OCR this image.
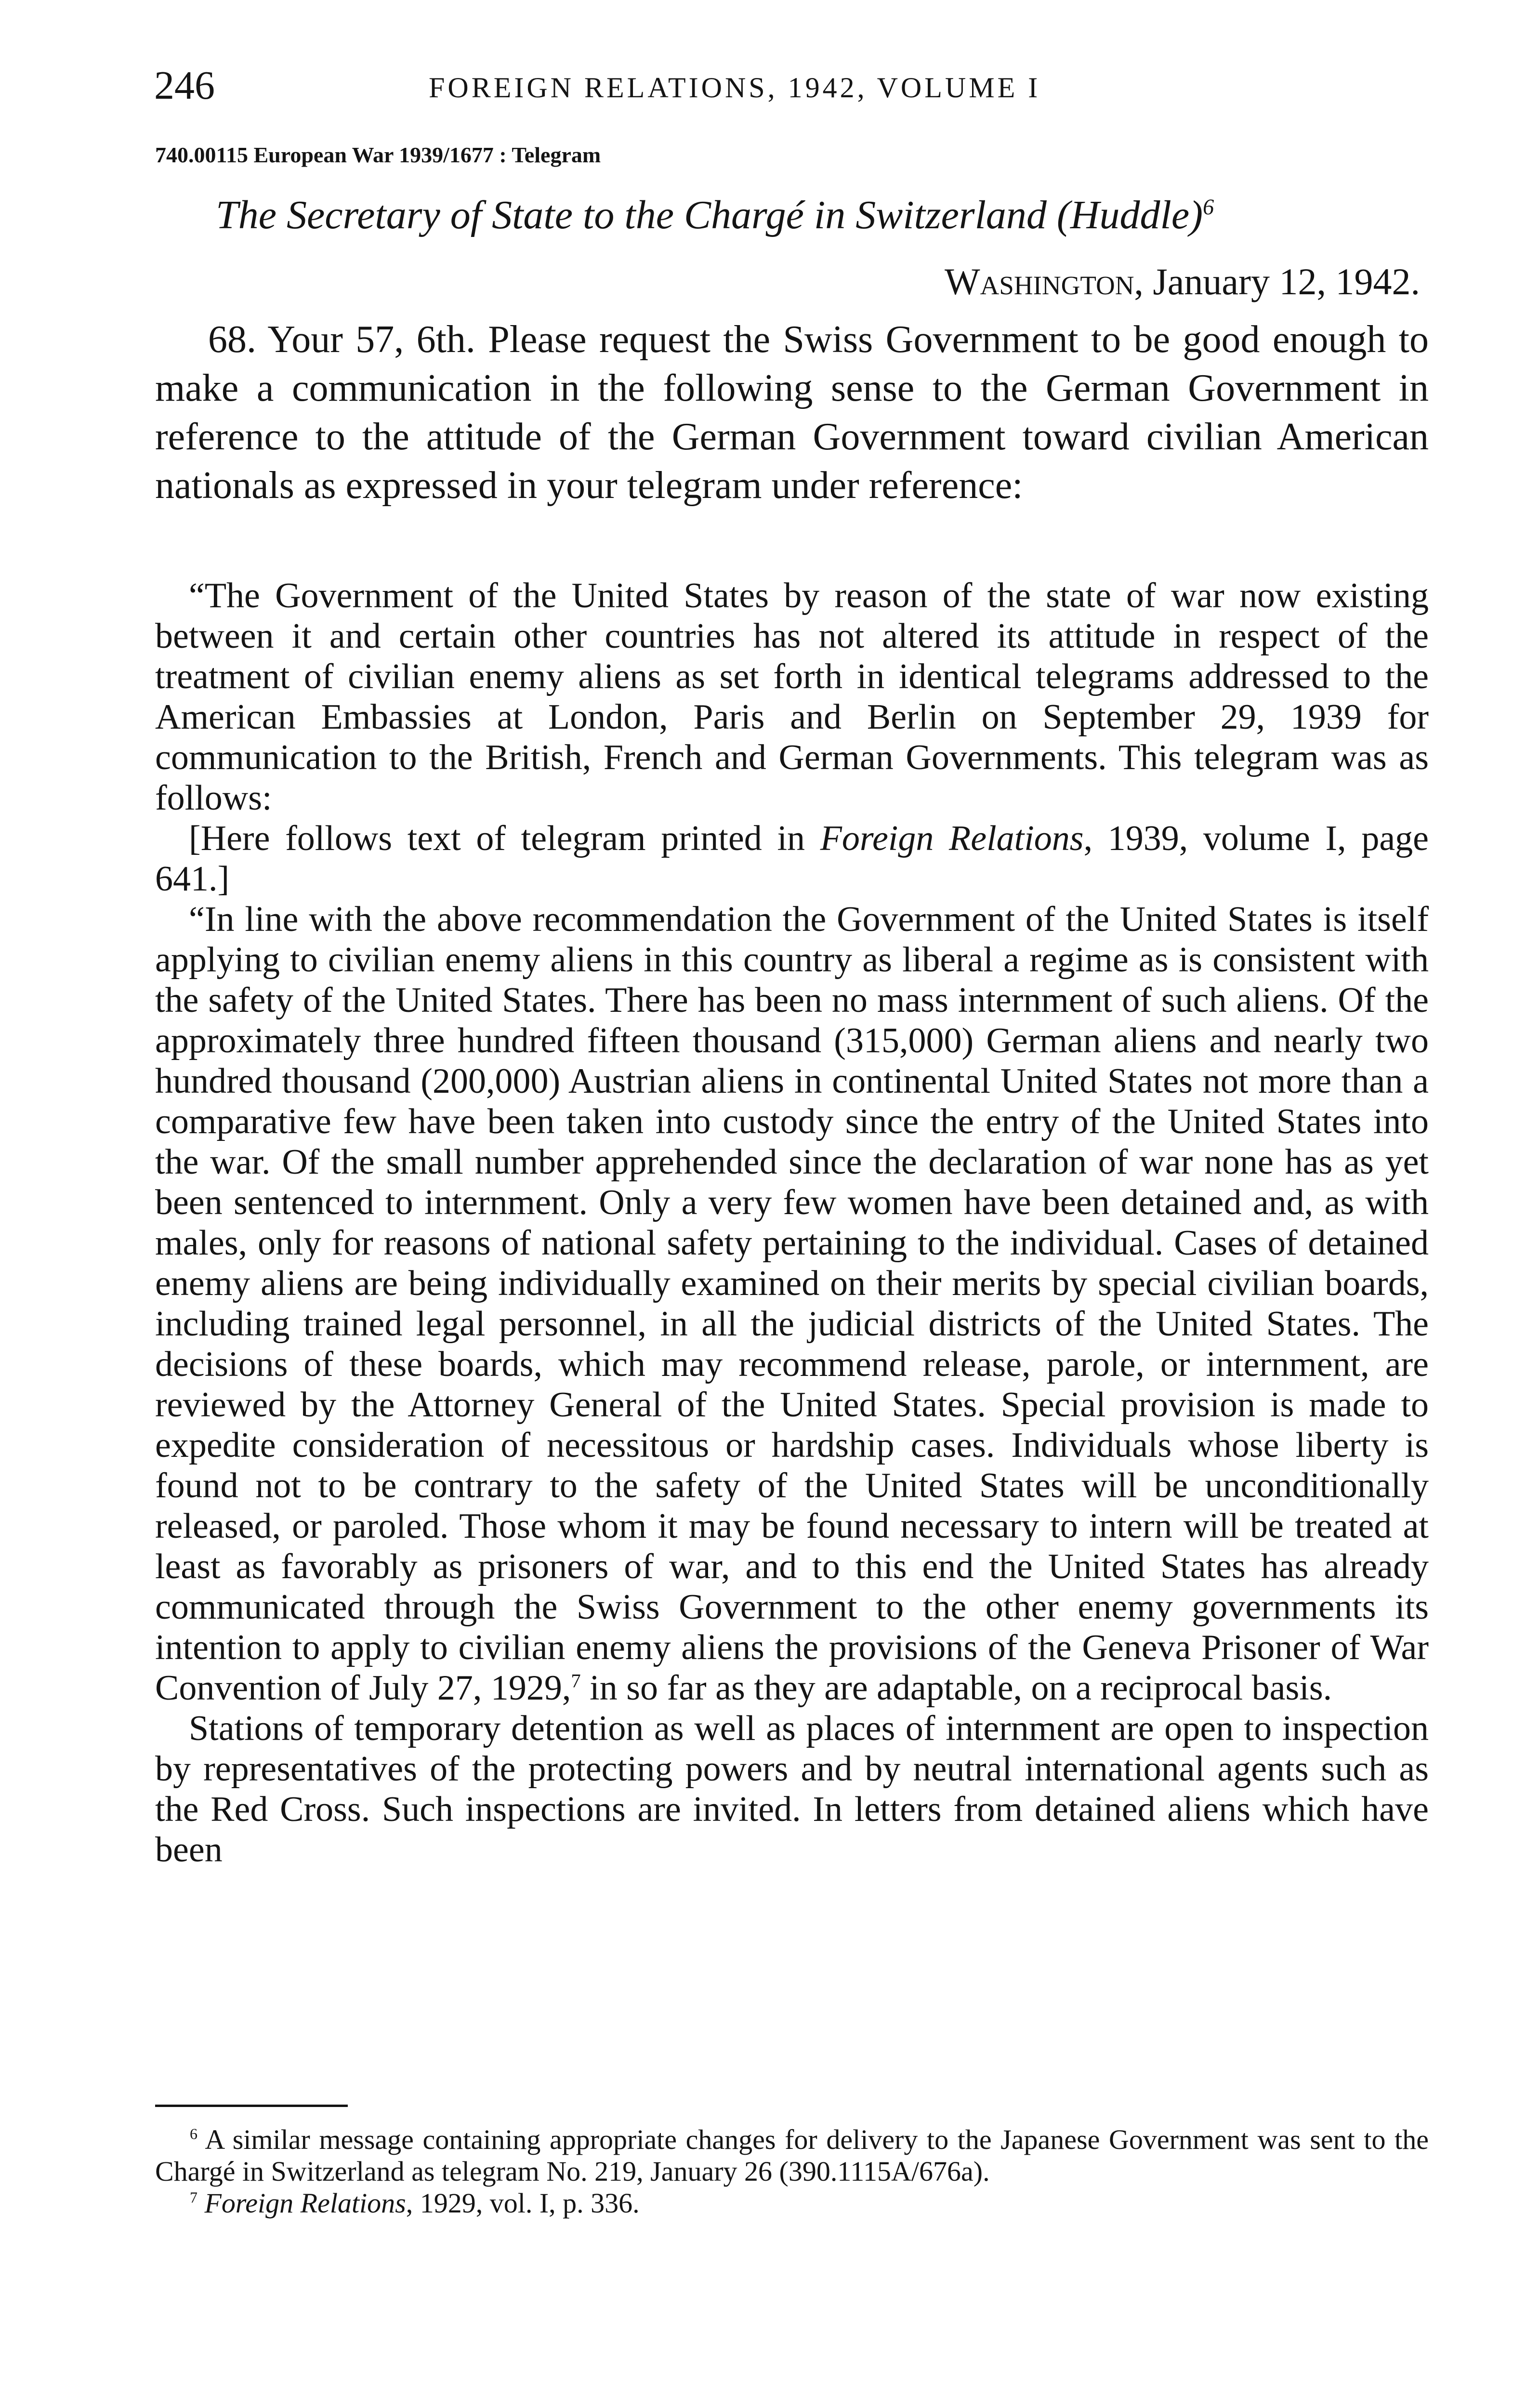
246	FOREIGN RELATIONS, 1942, VOLUME I
740.00115 European War 1939/1677 : Telegram
The Secretary of State to the Chargé in Switzerland (Huddle)$^6$
Washington, January 12, 1942.
68. Your 57, 6th. Please request the Swiss Government to be good enough to make a communication in the following sense to the German Government in reference to the attitude of the German Government toward civilian American nationals as expressed in your telegram under reference:

“The Government of the United States by reason of the state of war now existing between it and certain other countries has not altered its attitude in respect of the treatment of civilian enemy aliens as set forth in identical telegrams addressed to the American Embassies at London, Paris and Berlin on September 29, 1939 for communication to the British, French and German Governments. This telegram was as follows:

[Here follows text of telegram printed in Foreign Relations, 1939, volume I, page 641.]

“In line with the above recommendation the Government of the United States is itself applying to civilian enemy aliens in this country as liberal a regime as is consistent with the safety of the United States. There has been no mass internment of such aliens. Of the approximately three hundred fifteen thousand (315,000) German aliens and nearly two hundred thousand (200,000) Austrian aliens in continental United States not more than a comparative few have been taken into custody since the entry of the United States into the war. Of the small number apprehended since the declaration of war none has as yet been sentenced to internment. Only a very few women have been detained and, as with males, only for reasons of national safety pertaining to the individual. Cases of detained enemy aliens are being individually examined on their merits by special civilian boards, including trained legal personnel, in all the judicial districts of the United States. The decisions of these boards, which may recommend release, parole, or internment, are reviewed by the Attorney General of the United States. Special provision is made to expedite consideration of necessitous or hardship cases. Individuals whose liberty is found not to be contrary to the safety of the United States will be unconditionally released, or paroled. Those whom it may be found necessary to intern will be treated at least as favorably as prisoners of war, and to this end the United States has already communicated through the Swiss Government to the other enemy governments its intention to apply to civilian enemy aliens the provisions of the Geneva Prisoner of War Convention of July 27, 1929,$^7$ in so far as they are adaptable, on a reciprocal basis.

Stations of temporary detention as well as places of internment are open to inspection by representatives of the protecting powers and by neutral international agents such as the Red Cross. Such inspections are invited. In letters from detained aliens which have been

$^6$ A similar message containing appropriate changes for delivery to the Japanese Government was sent to the Chargé in Switzerland as telegram No. 219, January 26 (390.1115A/676a).

$^7$ Foreign Relations, 1929, vol. I, p. 336.
